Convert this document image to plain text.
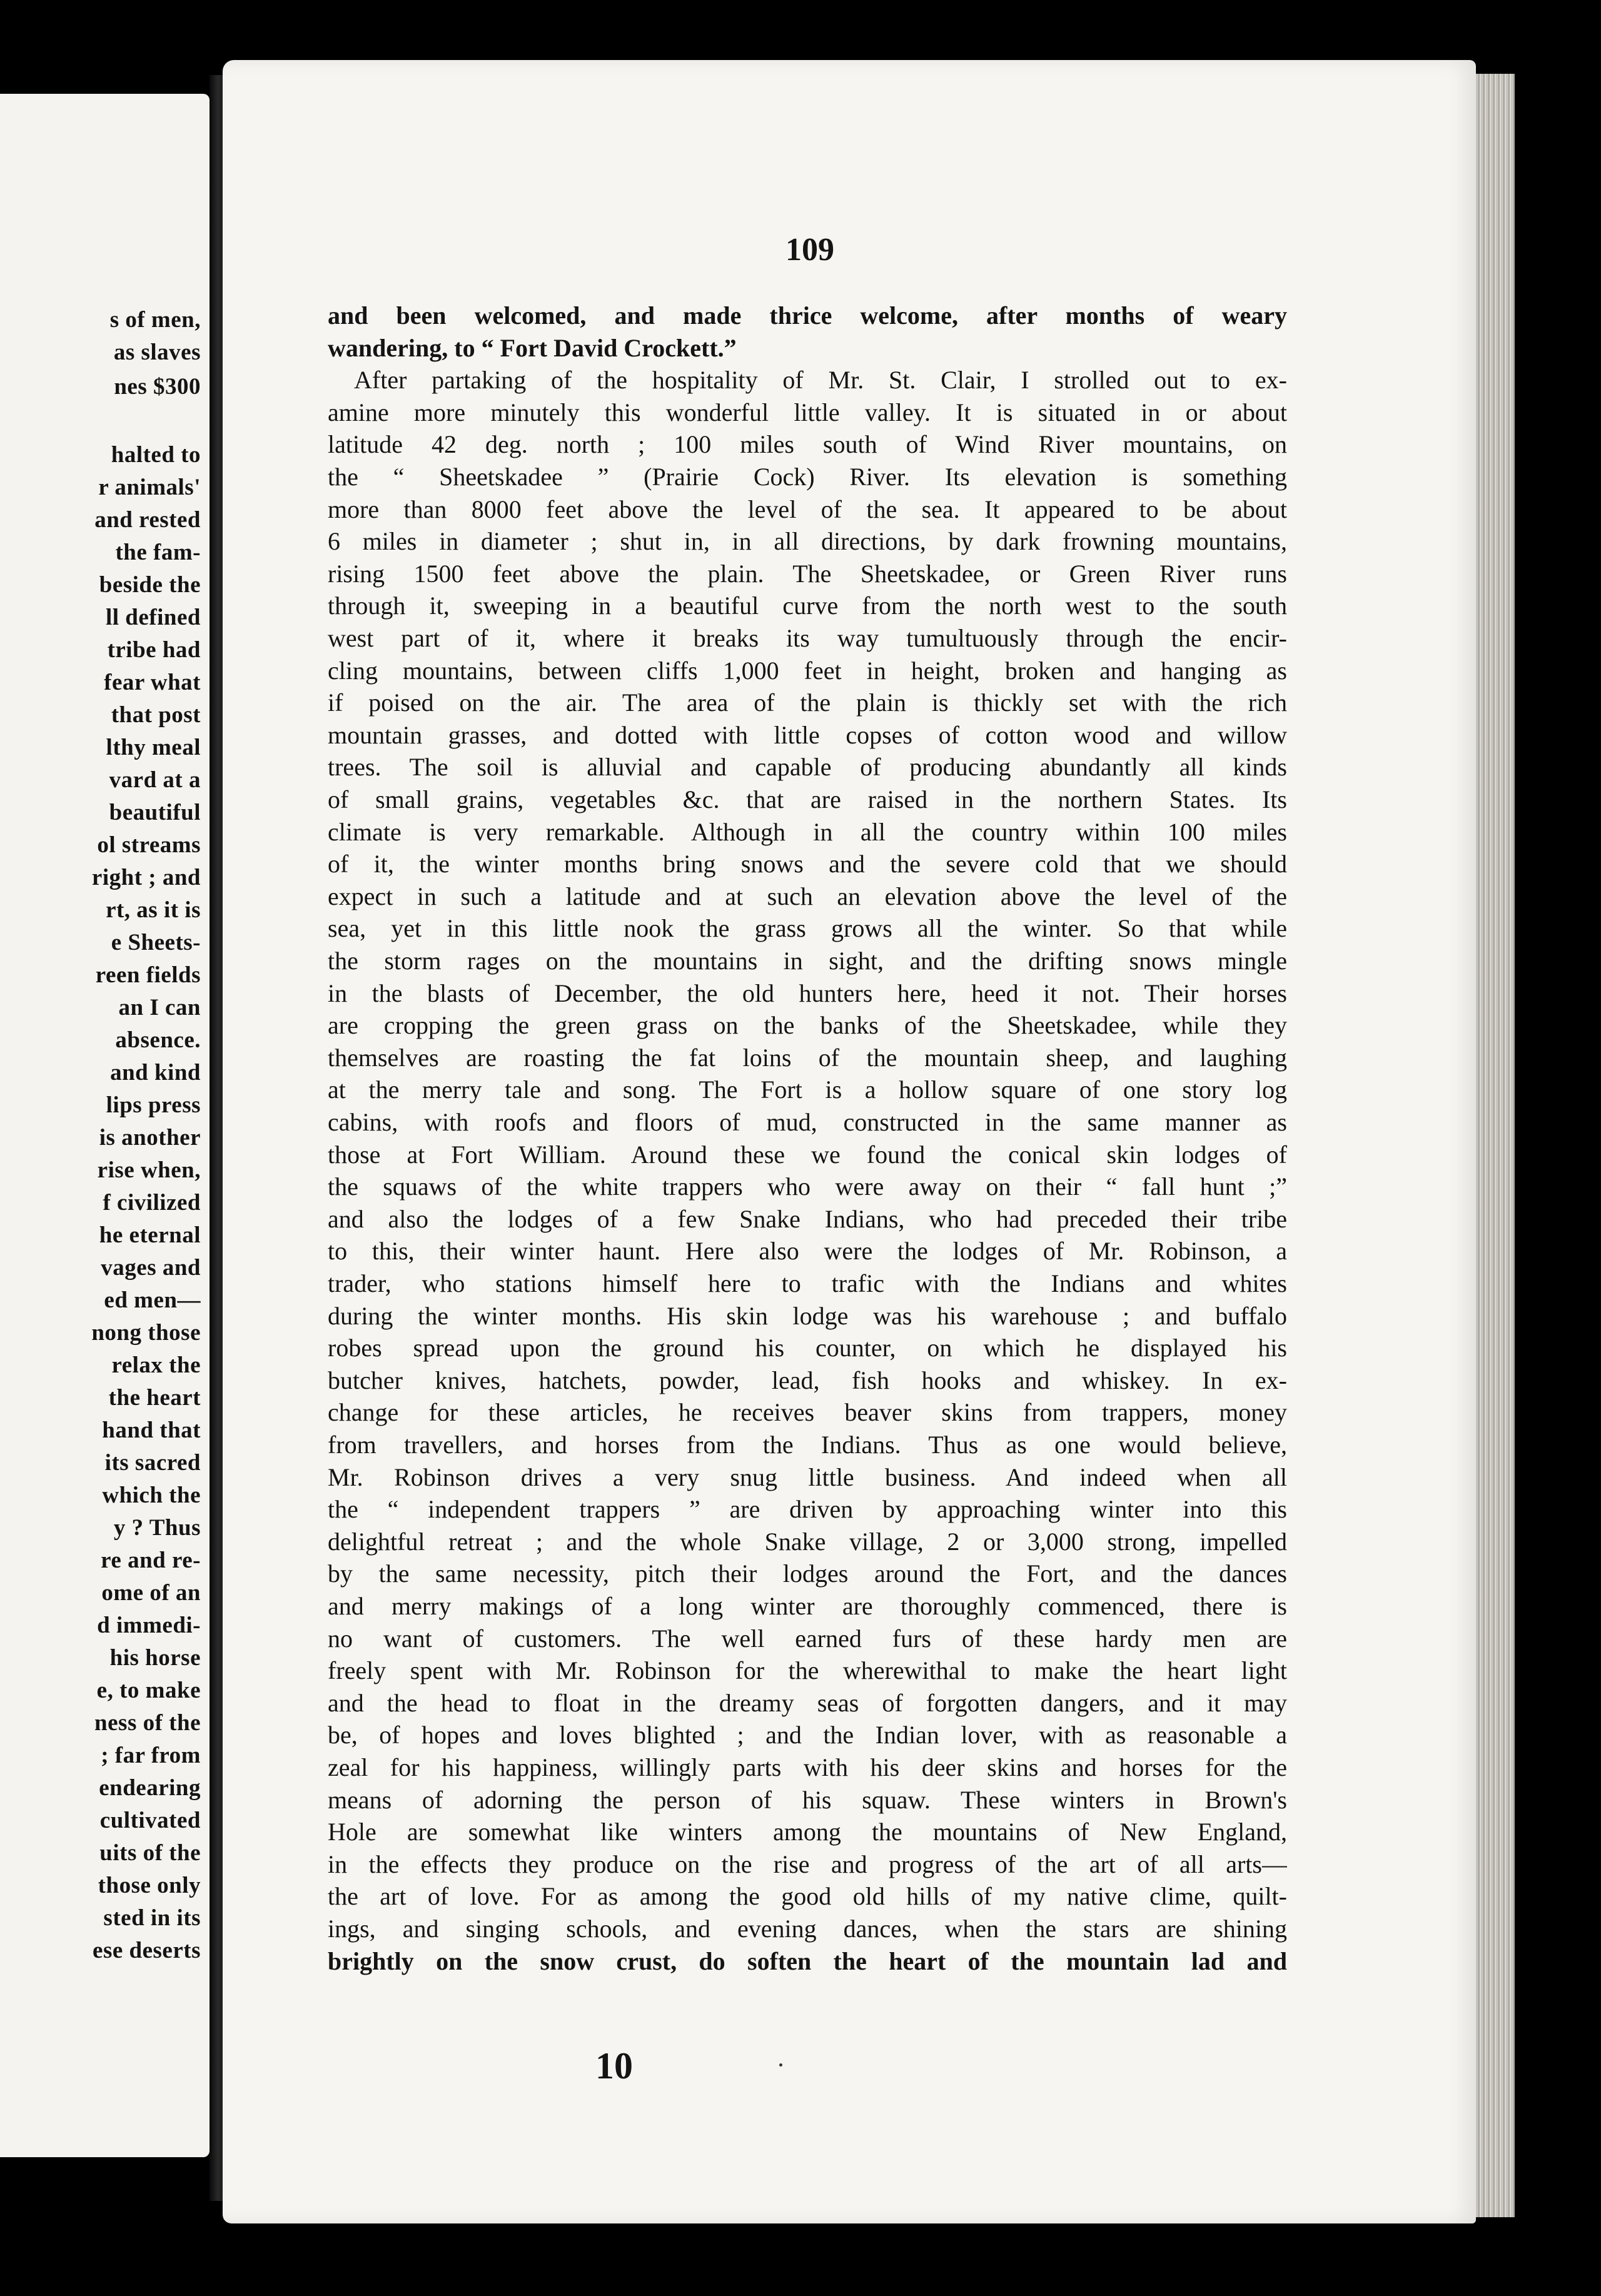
s of men,
as slaves
nes $300
halted to
r animals'
and rested
the fam-
beside the
ll defined
tribe had
fear what
that post
lthy meal
vard at a
beautiful
ol streams
right ; and
rt, as it is
e Sheets-
reen fields
an I can
absence.
and kind
lips press
is another
rise when,
f civilized
he eternal
vages and
ed men—
nong those
relax the
the heart
hand that
its sacred
which the
y ? Thus
re and re-
ome of an
d immedi-
his horse
e, to make
ness of the
; far from
endearing
cultivated
uits of the
those only
sted in its
ese deserts
109
and been welcomed, and made thrice welcome, after months of weary
wandering, to “ Fort David Crockett.”
After partaking of the hospitality of Mr. St. Clair, I strolled out to ex-
amine more minutely this wonderful little valley. It is situated in or about
latitude 42 deg. north ; 100 miles south of Wind River mountains, on
the “ Sheetskadee ” (Prairie Cock) River. Its elevation is something
more than 8000 feet above the level of the sea. It appeared to be about
6 miles in diameter ; shut in, in all directions, by dark frowning mountains,
rising 1500 feet above the plain. The Sheetskadee, or Green River runs
through it, sweeping in a beautiful curve from the north west to the south
west part of it, where it breaks its way tumultuously through the encir-
cling mountains, between cliffs 1,000 feet in height, broken and hanging as
if poised on the air. The area of the plain is thickly set with the rich
mountain grasses, and dotted with little copses of cotton wood and willow
trees. The soil is alluvial and capable of producing abundantly all kinds
of small grains, vegetables &c. that are raised in the northern States. Its
climate is very remarkable. Although in all the country within 100 miles
of it, the winter months bring snows and the severe cold that we should
expect in such a latitude and at such an elevation above the level of the
sea, yet in this little nook the grass grows all the winter. So that while
the storm rages on the mountains in sight, and the drifting snows mingle
in the blasts of December, the old hunters here, heed it not. Their horses
are cropping the green grass on the banks of the Sheetskadee, while they
themselves are roasting the fat loins of the mountain sheep, and laughing
at the merry tale and song. The Fort is a hollow square of one story log
cabins, with roofs and floors of mud, constructed in the same manner as
those at Fort William. Around these we found the conical skin lodges of
the squaws of the white trappers who were away on their “ fall hunt ;”
and also the lodges of a few Snake Indians, who had preceded their tribe
to this, their winter haunt. Here also were the lodges of Mr. Robinson, a
trader, who stations himself here to trafic with the Indians and whites
during the winter months. His skin lodge was his warehouse ; and buffalo
robes spread upon the ground his counter, on which he displayed his
butcher knives, hatchets, powder, lead, fish hooks and whiskey. In ex-
change for these articles, he receives beaver skins from trappers, money
from travellers, and horses from the Indians. Thus as one would believe,
Mr. Robinson drives a very snug little business. And indeed when all
the “ independent trappers ” are driven by approaching winter into this
delightful retreat ; and the whole Snake village, 2 or 3,000 strong, impelled
by the same necessity, pitch their lodges around the Fort, and the dances
and merry makings of a long winter are thoroughly commenced, there is
no want of customers. The well earned furs of these hardy men are
freely spent with Mr. Robinson for the wherewithal to make the heart light
and the head to float in the dreamy seas of forgotten dangers, and it may
be, of hopes and loves blighted ; and the Indian lover, with as reasonable a
zeal for his happiness, willingly parts with his deer skins and horses for the
means of adorning the person of his squaw. These winters in Brown's
Hole are somewhat like winters among the mountains of New England,
in the effects they produce on the rise and progress of the art of all arts—
the art of love. For as among the good old hills of my native clime, quilt-
ings, and singing schools, and evening dances, when the stars are shining
brightly on the snow crust, do soften the heart of the mountain lad and
10
